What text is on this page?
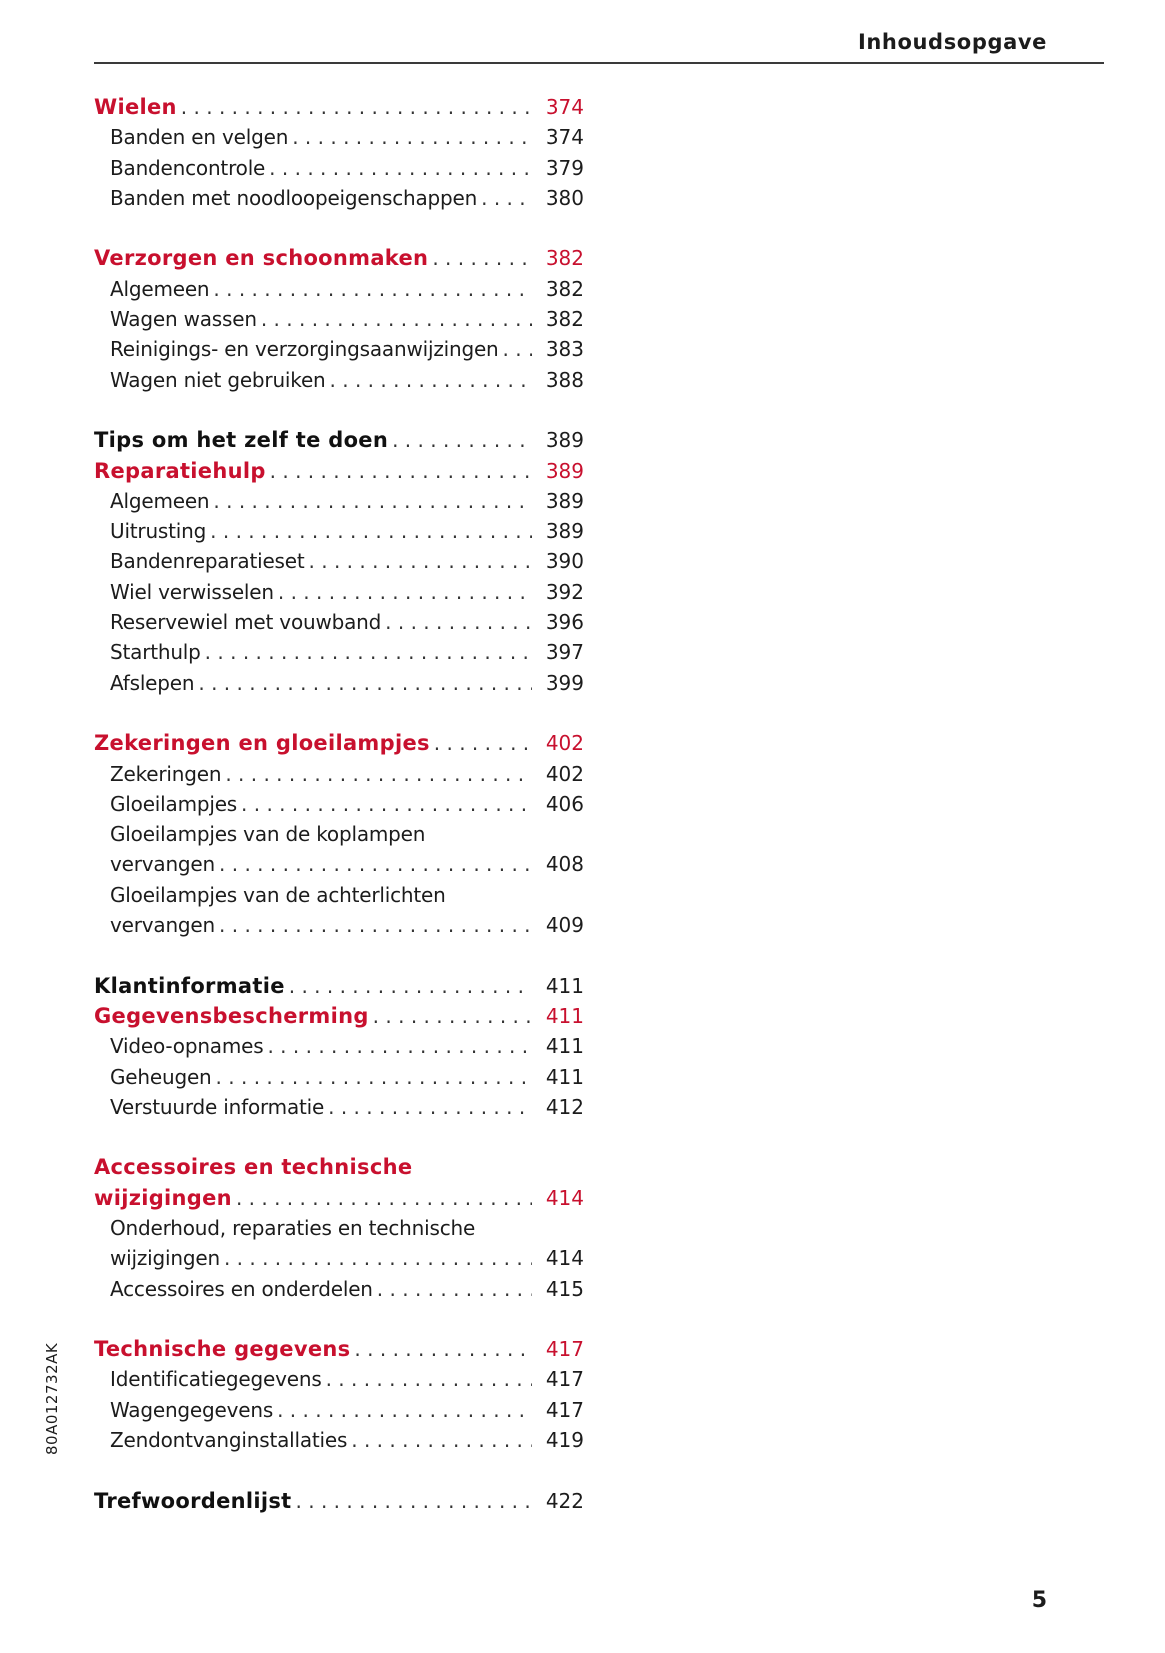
Inhoudsopgave
Wielen . . .	374
Banden en velgen . . .	374
Bandencontrole . . .	379
Banden met noodloopeigenschappen . . .	380
Verzorgen en schoonmaken . . .	382
Algemeen . . .	382
Wagen wassen . . .	382
Reinigings- en verzorgingsaanwijzingen . . .	383
Wagen niet gebruiken . . .	388
Tips om het zelf te doen . . .	389
Reparatiehulp . . .	389
Algemeen . . .	389
Uitrusting . . .	389
Bandenreparatieset . . .	390
Wiel verwisselen . . .	392
Reservewiel met vouwband . . .	396
Starthulp . . .	397
Afslepen . . .	399
Zekeringen en gloeilampjes . . .	402
Zekeringen . . .	402
Gloeilampjes . . .	406
Gloeilampjes van de koplampen
vervangen . . .	408
Gloeilampjes van de achterlichten
vervangen . . .	409
Klantinformatie . . .	411
Gegevensbescherming . . .	411
Video-opnames . . .	411
Geheugen . . .	411
Verstuurde informatie . . .	412
Accessoires en technische
wijzigingen . . .	414
Onderhoud, reparaties en technische
wijzigingen . . .	414
Accessoires en onderdelen . . .	415
Technische gegevens . . .	417
Identificatiegegevens . . .	417
Wagengegevens . . .	417
Zendontvanginstallaties . . .	419
Trefwoordenlijst . . .	422
80A012732AK
5
